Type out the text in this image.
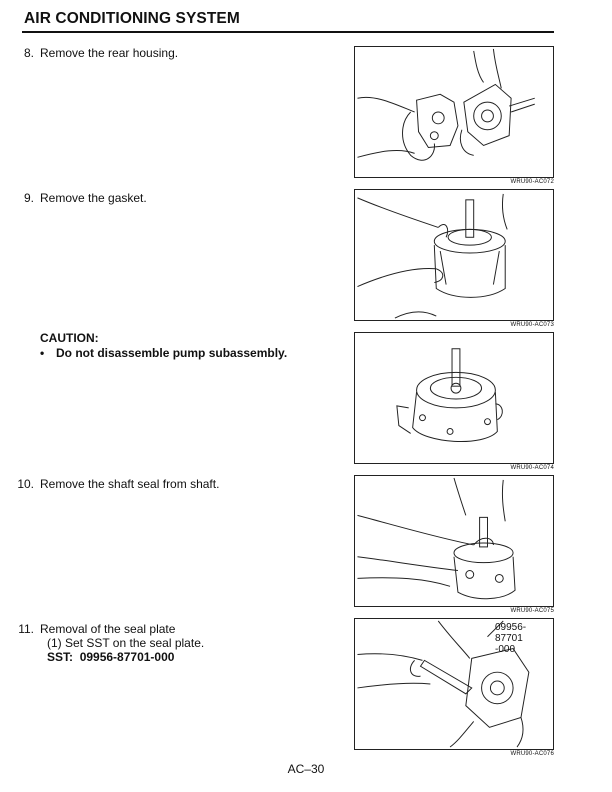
AIR CONDITIONING SYSTEM
8. Remove the rear housing.
9. Remove the gasket.
CAUTION:
• Do not disassemble pump subassembly.
10. Remove the shaft seal from shaft.
11. Removal of the seal plate
(1) Set SST on the seal plate.
SST: 09956-87701-000
WRU90-AC072
WRU90-AC073
WRU90-AC074
WRU90-AC075
09956-87701
-000
WRU90-AC076
AC–30
